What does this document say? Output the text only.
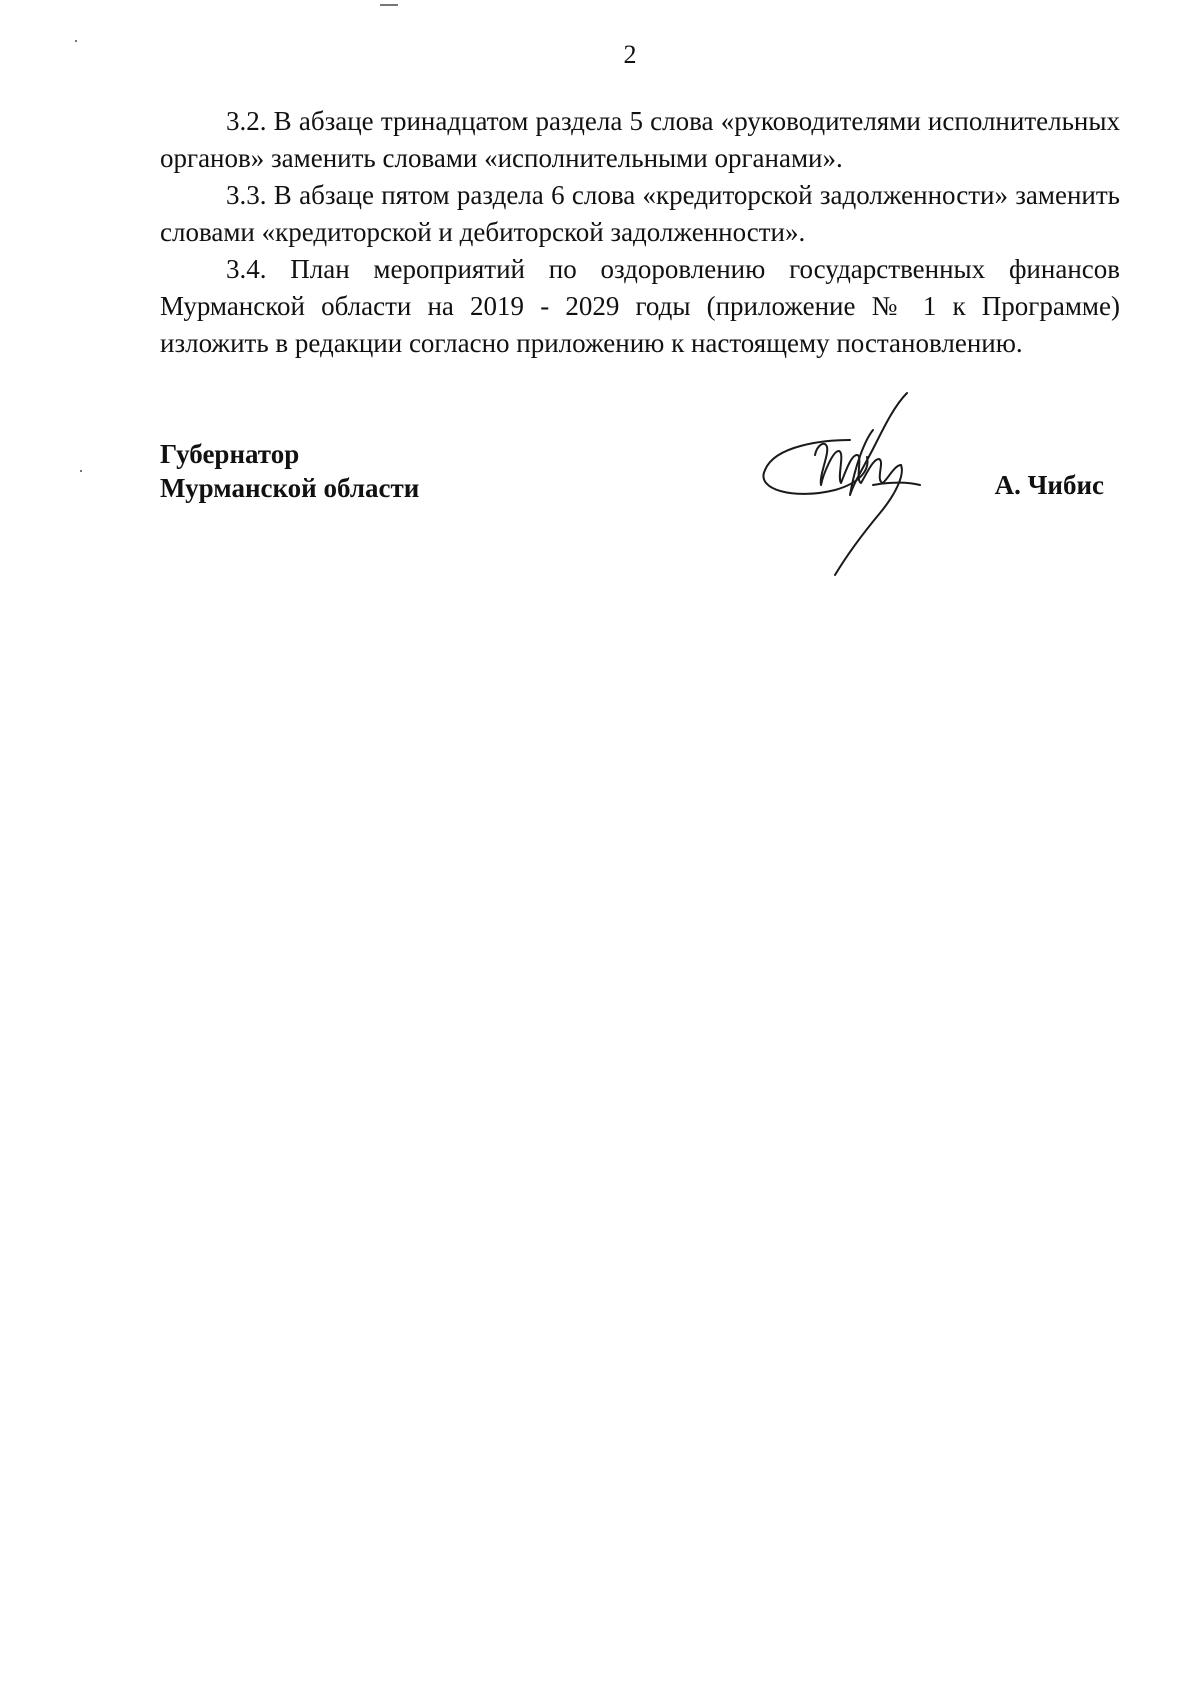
2

3.2. В абзаце тринадцатом раздела 5 слова «руководителями исполнительных органов» заменить словами «исполнительными органами».

3.3. В абзаце пятом раздела 6 слова «кредиторской задолженности» заменить словами «кредиторской и дебиторской задолженности».

3.4. План мероприятий по оздоровлению государственных финансов Мурманской области на 2019 - 2029 годы (приложение № 1 к Программе) изложить в редакции согласно приложению к настоящему постановлению.

Губернатор
Мурманской области	А. Чибис
